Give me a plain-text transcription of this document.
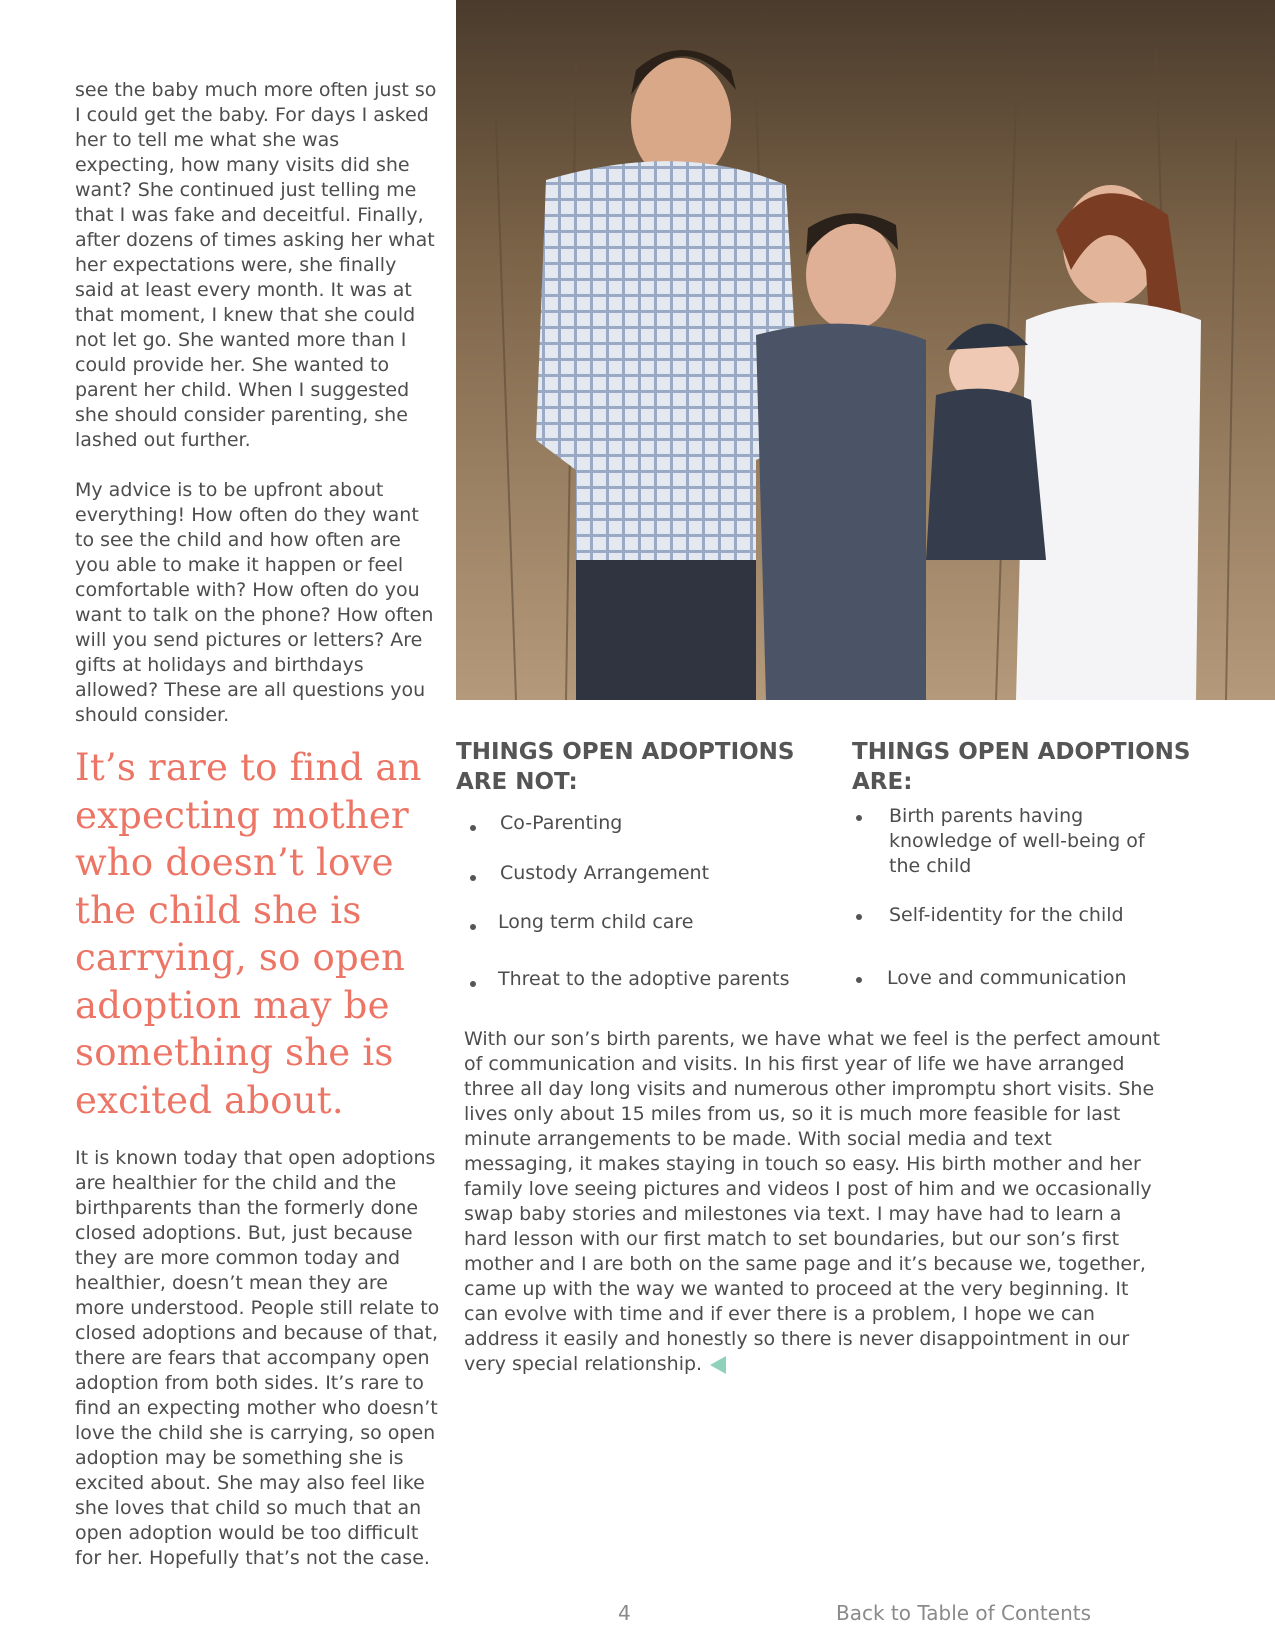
see the baby much more often just so I could get the baby. For days I asked her to tell me what she was expecting, how many visits did she want? She continued just telling me that I was fake and deceitful. Finally, after dozens of times asking her what her expectations were, she finally said at least every month. It was at that moment, I knew that she could not let go. She wanted more than I could provide her. She wanted to parent her child. When I suggested she should consider parenting, she lashed out further.

My advice is to be upfront about everything! How often do they want to see the child and how often are you able to make it happen or feel comfortable with? How often do you want to talk on the phone? How often will you send pictures or letters? Are gifts at holidays and birthdays allowed? These are all questions you should consider.

It’s rare to find an expecting mother who doesn’t love the child she is carrying, so open adoption may be something she is excited about.

It is known today that open adoptions are healthier for the child and the birthparents than the formerly done closed adoptions. But, just because they are more common today and healthier, doesn’t mean they are more understood. People still relate to closed adoptions and because of that, there are fears that accompany open adoption from both sides. It’s rare to find an expecting mother who doesn’t love the child she is carrying, so open adoption may be something she is excited about. She may also feel like she loves that child so much that an open adoption would be too difficult for her. Hopefully that’s not the case.

THINGS OPEN ADOPTIONS ARE NOT:
Co-Parenting
Custody Arrangement
Long term child care
Threat to the adoptive parents
THINGS OPEN ADOPTIONS ARE:
Birth parents having knowledge of well-being of the child
Self-identity for the child
Love and communication

With our son’s birth parents, we have what we feel is the perfect amount of communication and visits. In his first year of life we have arranged three all day long visits and numerous other impromptu short visits. She lives only about 15 miles from us, so it is much more feasible for last minute arrangements to be made. With social media and text messaging, it makes staying in touch so easy. His birth mother and her family love seeing pictures and videos I post of him and we occasionally swap baby stories and milestones via text. I may have had to learn a hard lesson with our first match to set boundaries, but our son’s first mother and I are both on the same page and it’s because we, together, came up with the way we wanted to proceed at the very beginning. It can evolve with time and if ever there is a problem, I hope we can address it easily and honestly so there is never disappointment in our very special relationship.

4	Back to Table of Contents
